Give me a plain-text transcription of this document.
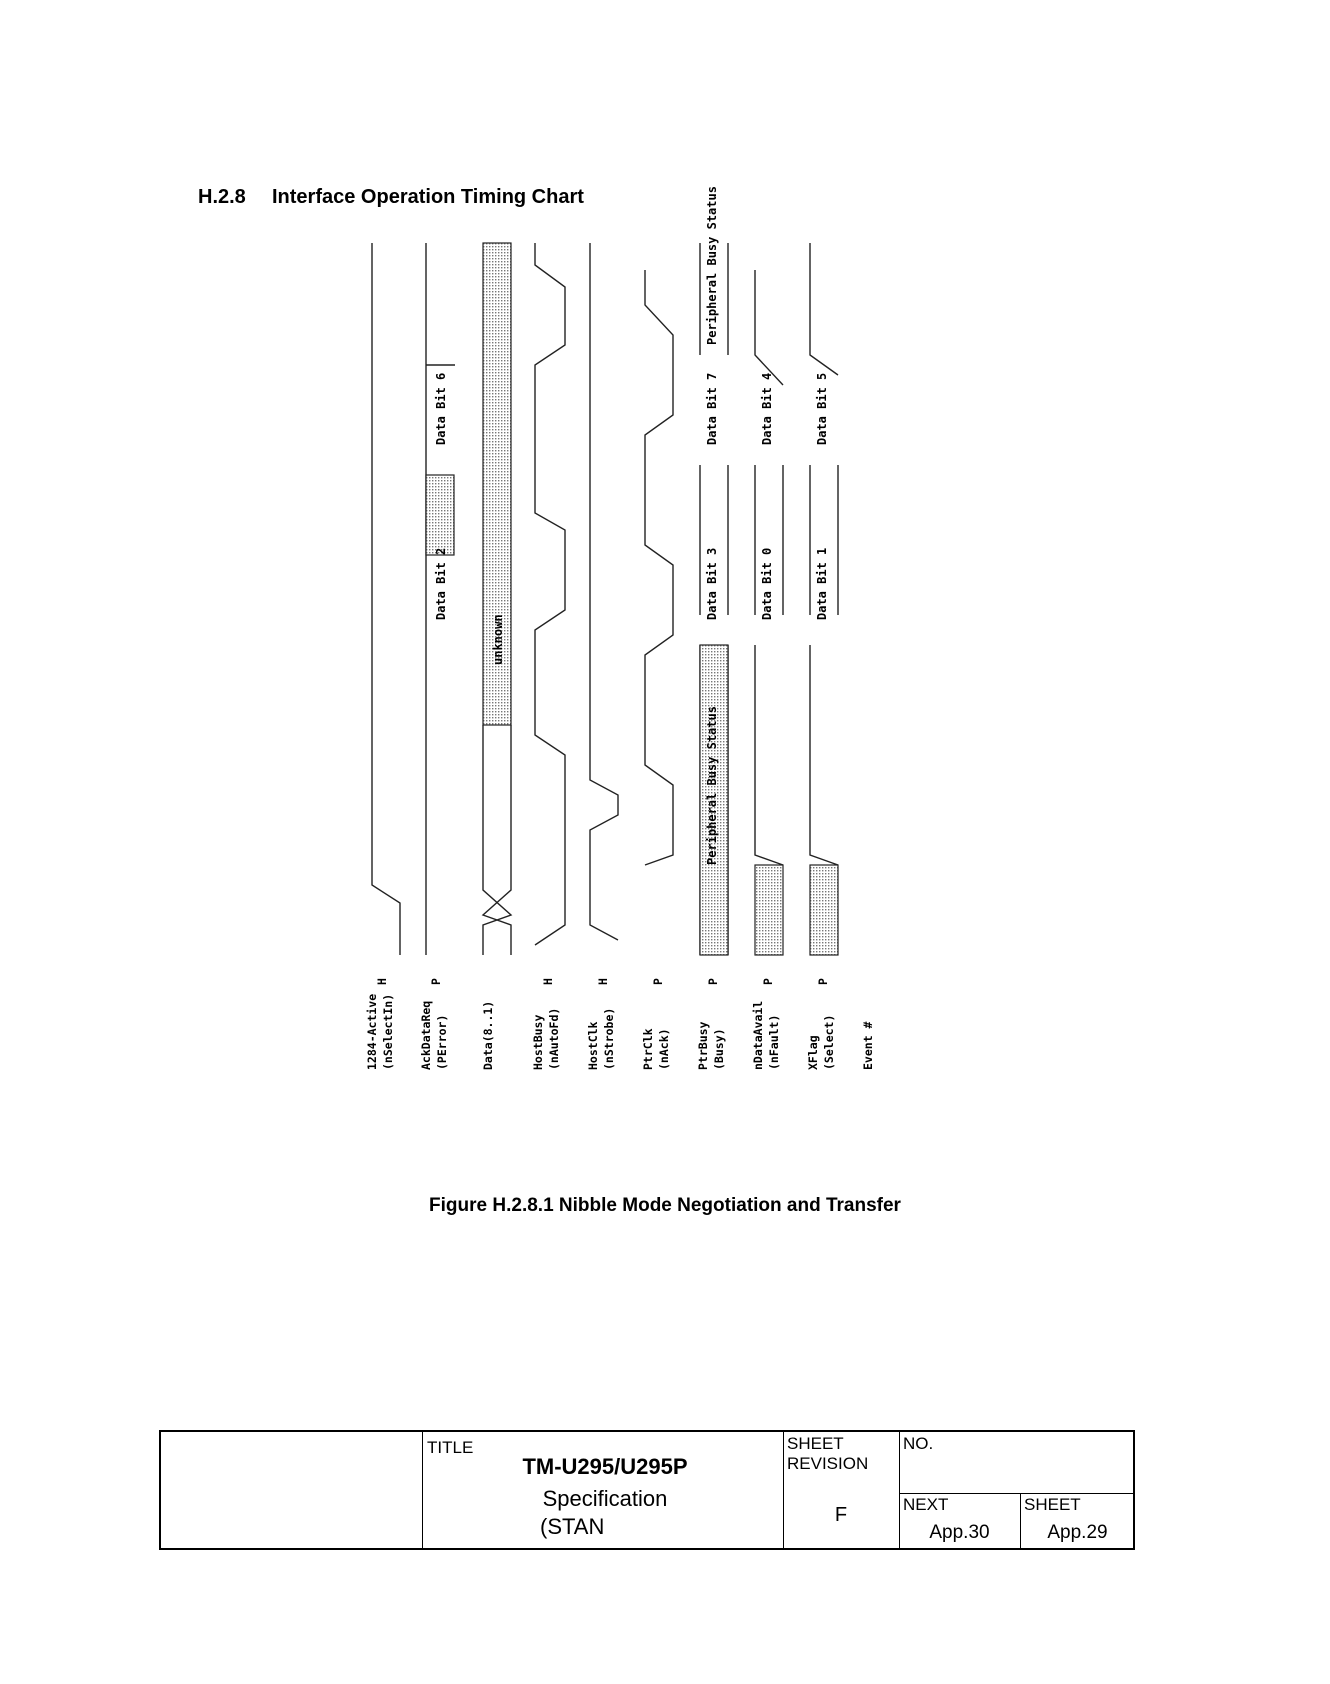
H.2.8 Interface Operation Timing Chart
Data Bit 6
Data Bit 2
unknown
Peripheral Busy Status
Data Bit 7
Data Bit 3
Peripheral Busy Status
Data Bit 4
Data Bit 0
Data Bit 5
Data Bit 1
1284-Active (nSelectIn)
H
AckDataReq (PError)
P
Data(8..1)	HostBusy (nAutoFd)
H
HostClk (nStrobe)
H
PtrClk (nAck)
P
PtrBusy (Busy)
P
nDataAvail (nFault)
P
XFlag (Select)
P
Event #
Figure H.2.8.1 Nibble Mode Negotiation and Transfer
TITLE
TM-U295/U295P
Specification
(STAN
SHEET
REVISION
F
NO.
NEXT
App.30
SHEET
App.29
